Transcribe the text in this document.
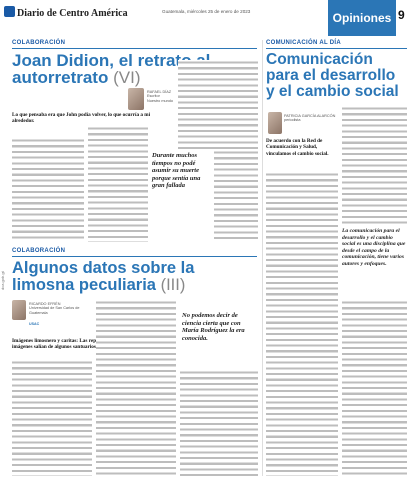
Diario de Centro América	Guatemala, miércoles 25 de enero de 2023	Opiniones 9
dca.gob.gt
COLABORACIÓN
Joan Didion, el retrato al autorretrato (VI)
RAFAEL DÍAZ
Escritor
Nuestro mundo
Lo que pensaba era que John podía volver, lo que ocurría a mi alrededor.
Durante muchos tiempos no podé asumir su muerte porque sentía una gran fallada
COLABORACIÓN
Algunos datos sobre la limosna peculiaria (III)
RICARDO EFRÉN
Universidad de San Carlos de Guatemala
USAC
Imágenes limosnero y caritas: Las reproducciones de célebres imágenes salían de algunos santuarios
No podemos decir de ciencia cierta que con María Rodríguez la era conocida.
COMUNICACIÓN AL DÍA
Comunicación para el desarrollo y el cambio social
PATRICIA GARCÍA ALARCÓN
periodista
De acuerdo con la Red de Comunicación y Salud, vinculamos el cambio social.
La comunicación para el desarrollo y el cambio social es una disciplina que desde el campo de la comunicación, tiene varios autores y enfoques.
